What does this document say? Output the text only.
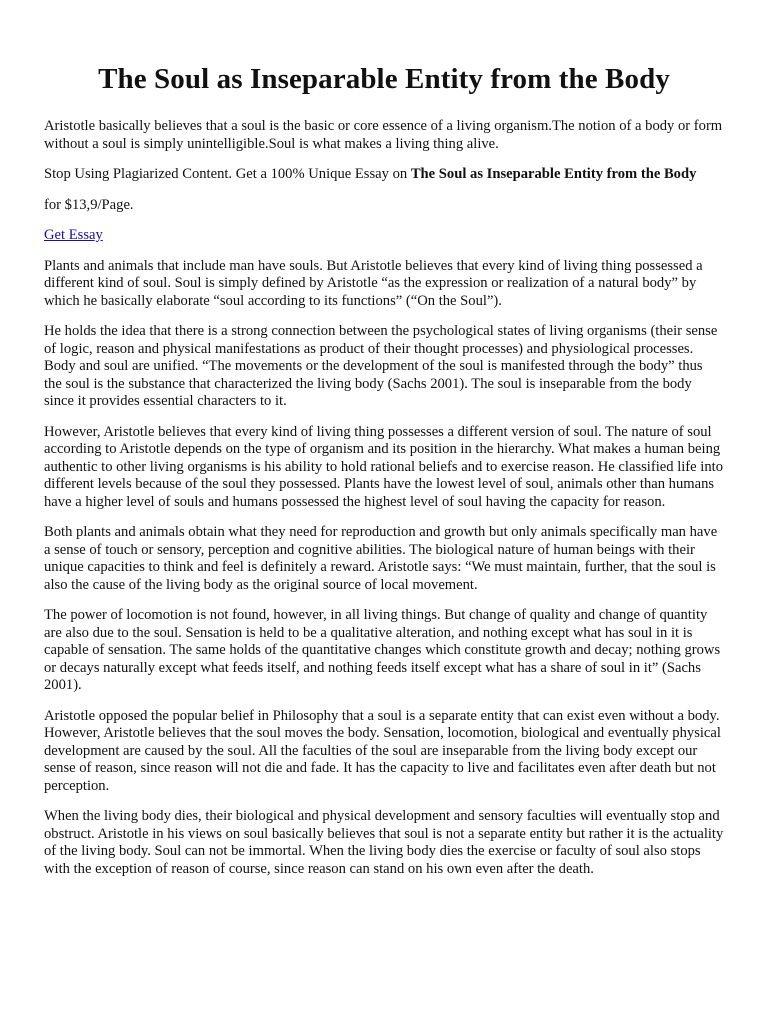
The Soul as Inseparable Entity from the Body

Aristotle basically believes that a soul is the basic or core essence of a living organism.The notion of a body or form without a soul is simply unintelligible.Soul is what makes a living thing alive.

Stop Using Plagiarized Content. Get a 100% Unique Essay on The Soul as Inseparable Entity from the Body

for $13,9/Page.

Get Essay

Plants and animals that include man have souls. But Aristotle believes that every kind of living thing possessed a different kind of soul. Soul is simply defined by Aristotle “as the expression or realization of a natural body” by which he basically elaborate “soul according to its functions” (“On the Soul”).

He holds the idea that there is a strong connection between the psychological states of living organisms (their sense of logic, reason and physical manifestations as product of their thought processes) and physiological processes. Body and soul are unified. “The movements or the development of the soul is manifested through the body” thus the soul is the substance that characterized the living body (Sachs 2001). The soul is inseparable from the body since it provides essential characters to it.

However, Aristotle believes that every kind of living thing possesses a different version of soul. The nature of soul according to Aristotle depends on the type of organism and its position in the hierarchy. What makes a human being authentic to other living organisms is his ability to hold rational beliefs and to exercise reason. He classified life into different levels because of the soul they possessed. Plants have the lowest level of soul, animals other than humans have a higher level of souls and humans possessed the highest level of soul having the capacity for reason.

Both plants and animals obtain what they need for reproduction and growth but only animals specifically man have a sense of touch or sensory, perception and cognitive abilities. The biological nature of human beings with their unique capacities to think and feel is definitely a reward. Aristotle says: “We must maintain, further, that the soul is also the cause of the living body as the original source of local movement.

The power of locomotion is not found, however, in all living things. But change of quality and change of quantity are also due to the soul. Sensation is held to be a qualitative alteration, and nothing except what has soul in it is capable of sensation. The same holds of the quantitative changes which constitute growth and decay; nothing grows or decays naturally except what feeds itself, and nothing feeds itself except what has a share of soul in it” (Sachs 2001).

Aristotle opposed the popular belief in Philosophy that a soul is a separate entity that can exist even without a body. However, Aristotle believes that the soul moves the body. Sensation, locomotion, biological and eventually physical development are caused by the soul. All the faculties of the soul are inseparable from the living body except our sense of reason, since reason will not die and fade. It has the capacity to live and facilitates even after death but not perception.

When the living body dies, their biological and physical development and sensory faculties will eventually stop and obstruct. Aristotle in his views on soul basically believes that soul is not a separate entity but rather it is the actuality of the living body. Soul can not be immortal. When the living body dies the exercise or faculty of soul also stops with the exception of reason of course, since reason can stand on his own even after the death.
